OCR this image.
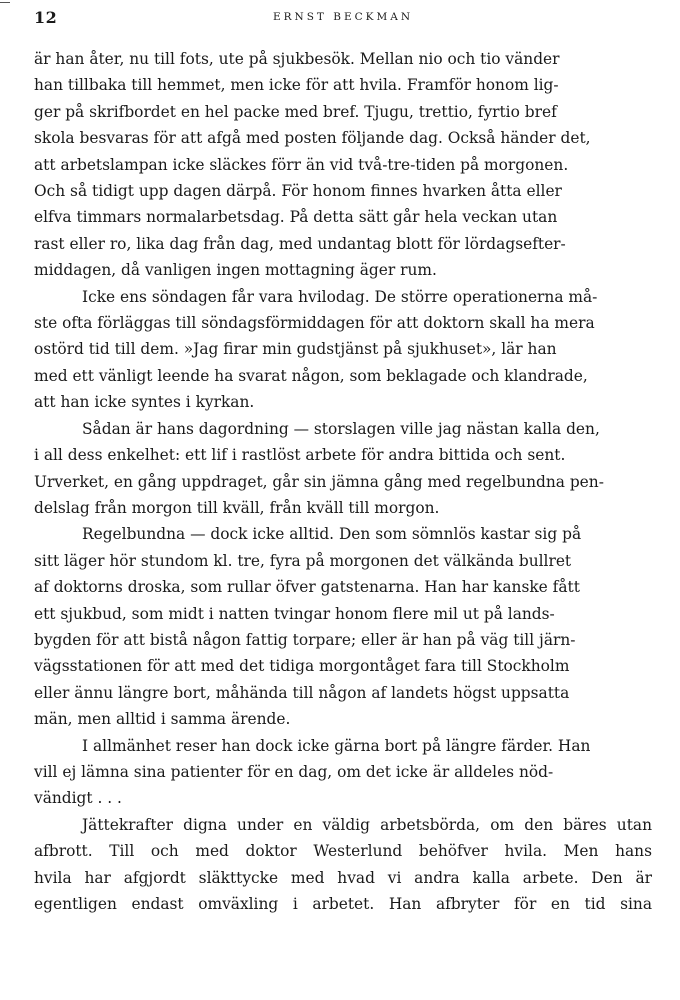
12	ERNST BECKMAN

är han åter, nu till fots, ute på sjukbesök. Mellan nio och tio vänder
han tillbaka till hemmet, men icke för att hvila. Framför honom lig-
ger på skrifbordet en hel packe med bref. Tjugu, trettio, fyrtio bref
skola besvaras för att afgå med posten följande dag. Också händer det,
att arbetslampan icke släckes förr än vid två-tre-tiden på morgonen.
Och så tidigt upp dagen därpå. För honom finnes hvarken åtta eller
elfva timmars normalarbetsdag. På detta sätt går hela veckan utan
rast eller ro, lika dag från dag, med undantag blott för lördagsefter-
middagen, då vanligen ingen mottagning äger rum.

Icke ens söndagen får vara hvilodag. De större operationerna må-
ste ofta förläggas till söndagsförmiddagen för att doktorn skall ha mera
ostörd tid till dem. »Jag firar min gudstjänst på sjukhuset», lär han
med ett vänligt leende ha svarat någon, som beklagade och klandrade,
att han icke syntes i kyrkan.

Sådan är hans dagordning — storslagen ville jag nästan kalla den,
i all dess enkelhet: ett lif i rastlöst arbete för andra bittida och sent.
Urverket, en gång uppdraget, går sin jämna gång med regelbundna pen-
delslag från morgon till kväll, från kväll till morgon.

Regelbundna — dock icke alltid. Den som sömnlös kastar sig på
sitt läger hör stundom kl. tre, fyra på morgonen det välkända bullret
af doktorns droska, som rullar öfver gatstenarna. Han har kanske fått
ett sjukbud, som midt i natten tvingar honom flere mil ut på lands-
bygden för att bistå någon fattig torpare; eller är han på väg till järn-
vägsstationen för att med det tidiga morgontåget fara till Stockholm
eller ännu längre bort, måhända till någon af landets högst uppsatta
män, men alltid i samma ärende.

I allmänhet reser han dock icke gärna bort på längre färder. Han
vill ej lämna sina patienter för en dag, om det icke är alldeles nöd-
vändigt . . .

Jättekrafter digna under en väldig arbetsbörda, om den bäres utan
afbrott. Till och med doktor Westerlund behöfver hvila. Men hans
hvila har afgjordt släkttycke med hvad vi andra kalla arbete. Den är
egentligen endast omväxling i arbetet. Han afbryter för en tid sina
